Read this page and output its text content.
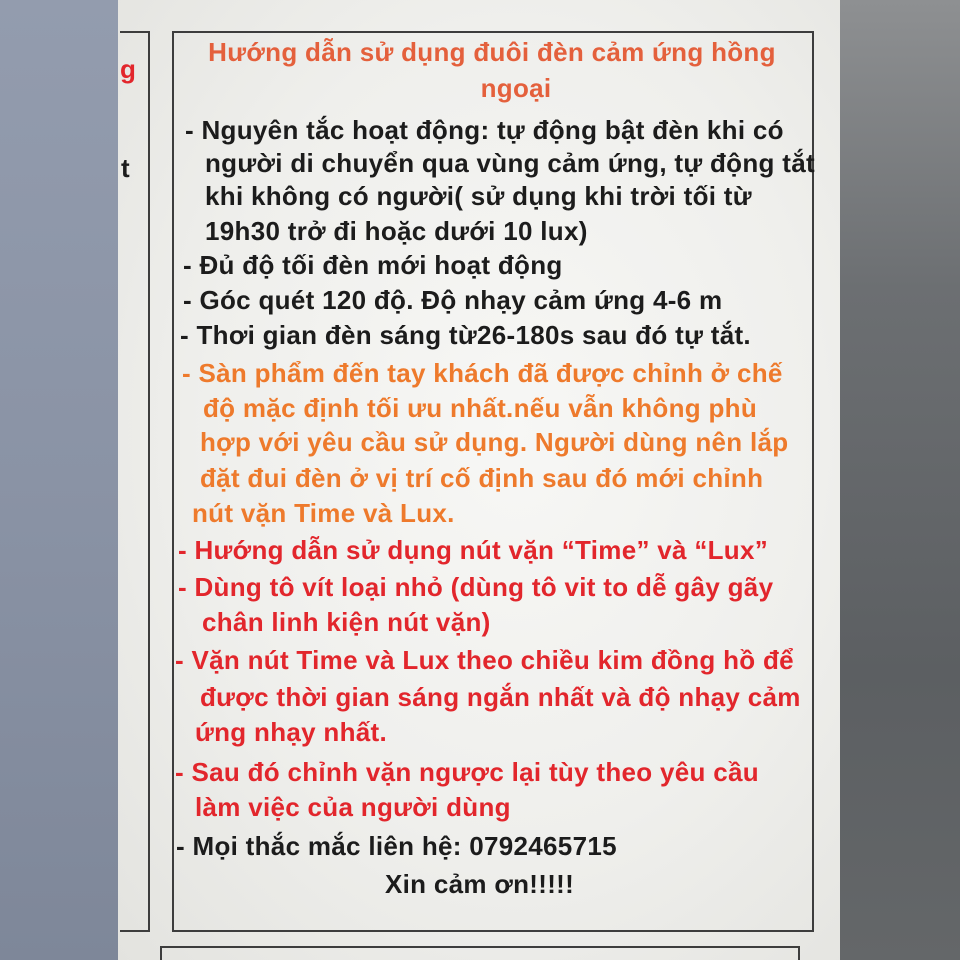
g
t
Hướng dẫn sử dụng đuôi đèn cảm ứng hồng
ngoại
- Nguyên tắc hoạt động: tự động bật đèn khi có
người di chuyển qua vùng cảm ứng, tự động tắt
khi không có người( sử dụng khi trời tối từ
19h30 trở đi hoặc dưới 10 lux)
- Đủ độ tối đèn mới hoạt động
- Góc quét 120 độ. Độ nhạy cảm ứng 4-6 m
- Thơi gian đèn sáng từ26-180s sau đó tự tắt.
- Sàn phẩm đến tay khách đã được chỉnh ở chế
độ mặc định tối ưu nhất.nếu vẫn không phù
hợp với yêu cầu sử dụng. Người dùng nên lắp
đặt đui đèn ở vị trí cố định sau đó mới chỉnh
nút vặn Time và Lux.
- Hướng dẫn sử dụng nút vặn “Time” và “Lux”
- Dùng tô vít loại nhỏ (dùng tô vit to dễ gây gãy
chân linh kiện nút vặn)
- Vặn nút Time và Lux theo chiều kim đồng hồ để
được thời gian sáng ngắn nhất và độ nhạy cảm
ứng nhạy nhất.
- Sau đó chỉnh vặn ngược lại tùy theo yêu cầu
làm việc của người dùng
- Mọi thắc mắc liên hệ: 0792465715
Xin cảm ơn!!!!!
